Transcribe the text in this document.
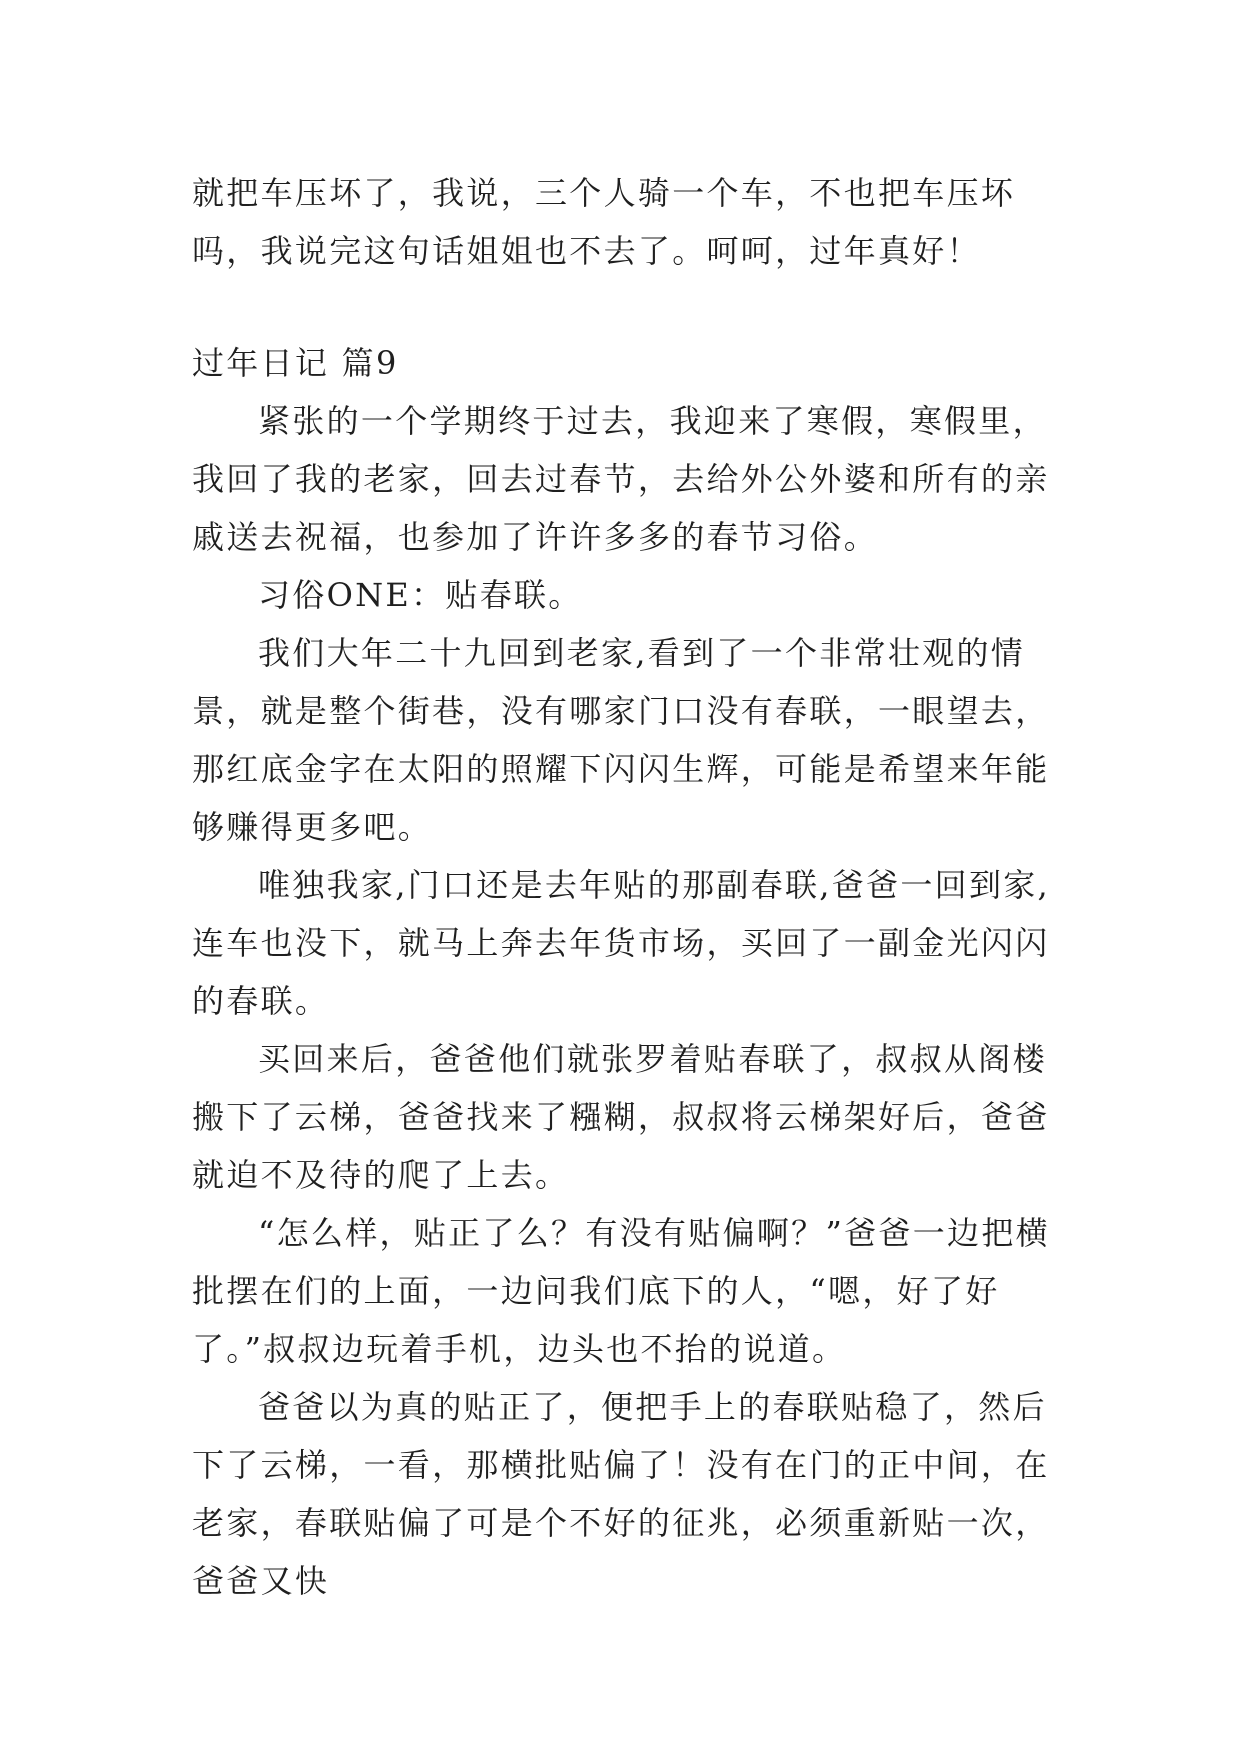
就把车压坏了，我说，三个人骑一个车，不也把车压坏吗，我说完这句话姐姐也不去了。呵呵，过年真好！

过年日记 篇9

紧张的一个学期终于过去，我迎来了寒假，寒假里，我回了我的老家，回去过春节，去给外公外婆和所有的亲戚送去祝福，也参加了许许多多的春节习俗。

习俗ONE：贴春联。

我们大年二十九回到老家,看到了一个非常壮观的情景，就是整个街巷，没有哪家门口没有春联，一眼望去，那红底金字在太阳的照耀下闪闪生辉，可能是希望来年能够赚得更多吧。

唯独我家,门口还是去年贴的那副春联,爸爸一回到家,连车也没下，就马上奔去年货市场，买回了一副金光闪闪的春联。

买回来后，爸爸他们就张罗着贴春联了，叔叔从阁楼搬下了云梯，爸爸找来了糨糊，叔叔将云梯架好后，爸爸就迫不及待的爬了上去。

“怎么样，贴正了么？有没有贴偏啊？”爸爸一边把横批摆在们的上面，一边问我们底下的人，“嗯，好了好了。”叔叔边玩着手机，边头也不抬的说道。

爸爸以为真的贴正了，便把手上的春联贴稳了，然后下了云梯，一看，那横批贴偏了！没有在门的正中间，在老家，春联贴偏了可是个不好的征兆，必须重新贴一次，爸爸又快
